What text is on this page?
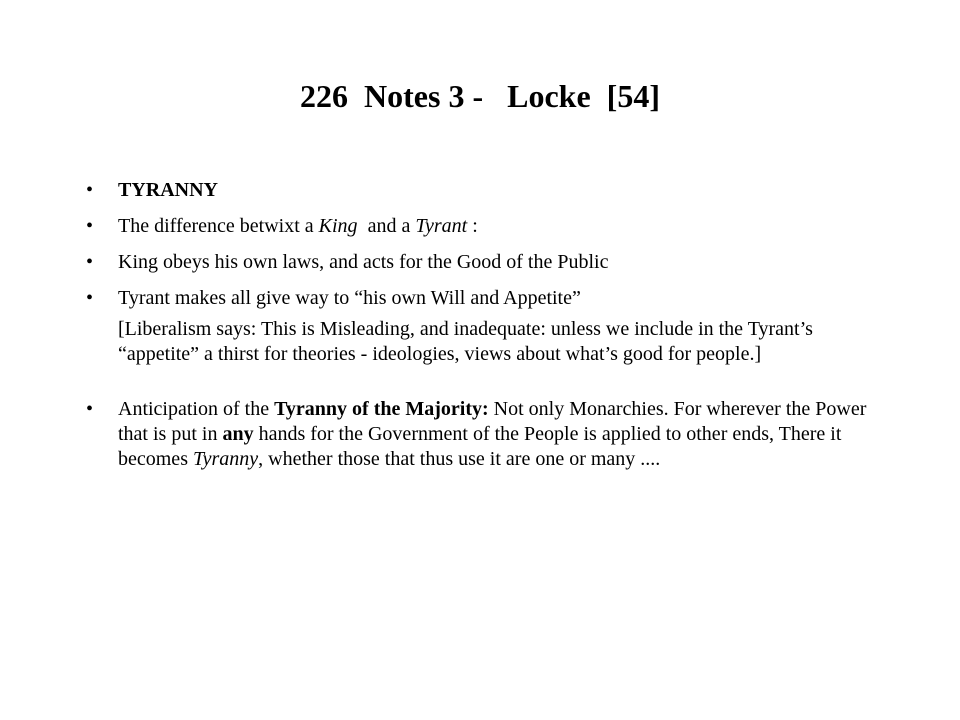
226  Notes 3 -   Locke  [54]
• TYRANNY
• The difference betwixt a King  and a Tyrant :
• King obeys his own laws, and acts for the Good of the Public
• Tyrant makes all give way to “his own Will and Appetite”
[Liberalism says: This is Misleading, and inadequate: unless we include in the Tyrant’s “appetite” a thirst for theories - ideologies, views about what’s good for people.]
• Anticipation of the Tyranny of the Majority: Not only Monarchies. For wherever the Power that is put in any hands for the Government of the People is applied to other ends, There it becomes Tyranny, whether those that thus use it are one or many ....
